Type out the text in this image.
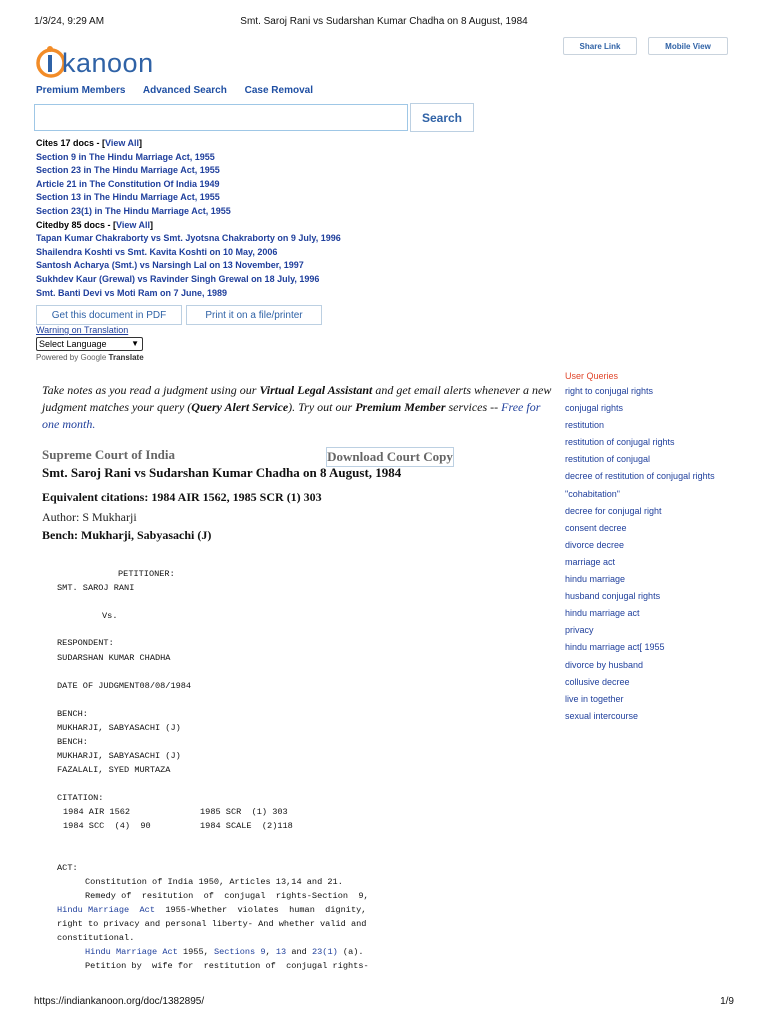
1/3/24, 9:29 AM	Smt. Saroj Rani vs Sudarshan Kumar Chadha on 8 August, 1984
https://indiankanoon.org/doc/1382895/	1/9
kanoon
Share Link	Mobile View
Premium Members Advanced Search Case Removal
Search
Cites 17 docs - [View All]
Section 9 in The Hindu Marriage Act, 1955
Section 23 in The Hindu Marriage Act, 1955
Article 21 in The Constitution Of India 1949
Section 13 in The Hindu Marriage Act, 1955
Section 23(1) in The Hindu Marriage Act, 1955
Citedby 85 docs - [View All]
Tapan Kumar Chakraborty vs Smt. Jyotsna Chakraborty on 9 July, 1996
Shailendra Koshti vs Smt. Kavita Koshti on 10 May, 2006
Santosh Acharya (Smt.) vs Narsingh Lal on 13 November, 1997
Sukhdev Kaur (Grewal) vs Ravinder Singh Grewal on 18 July, 1996
Smt. Banti Devi vs Moti Ram on 7 June, 1989
Get this document in PDF	Print it on a file/printer
Download Court Copy
Warning on Translation
Select Language	▼
Powered by Google Translate
Take notes as you read a judgment using our Virtual Legal Assistant and get email alerts whenever a new judgment matches your query (Query Alert Service). Try out our Premium Member services -- Free for one month.
Supreme Court of India
Smt. Saroj Rani vs Sudarshan Kumar Chadha on 8 August, 1984
Equivalent citations: 1984 AIR 1562, 1985 SCR (1) 303
Author: S Mukharji
Bench: Mukharji, Sabyasachi (J)
PETITIONER:
SMT. SAROJ RANI
Vs.
RESPONDENT:
SUDARSHAN KUMAR CHADHA
DATE OF JUDGMENT08/08/1984
BENCH:
MUKHARJI, SABYASACHI (J)
BENCH:
MUKHARJI, SABYASACHI (J)
FAZALALI, SYED MURTAZA
CITATION:
1984 AIR 1562	1985 SCR  (1) 303
1984 SCC  (4)  90	1984 SCALE  (2)118
ACT:
Constitution of India 1950, Articles 13,14 and 21.
Remedy of  resitution  of  conjugal  rights-Section  9,
Hindu Marriage  Act  1955-Whether  violates  human  dignity,
right to privacy and personal liberty- And whether valid and
constitutional.
Hindu Marriage Act 1955, Sections 9, 13 and 23(1) (a).
Petition by  wife for  restitution of  conjugal rights-
User Queries
right to conjugal rights
conjugal rights
restitution
restitution of conjugal rights
restitution of conjugal
decree of restitution of conjugal rights
"cohabitation"
decree for conjugal right
consent decree
divorce decree
marriage act
hindu marriage
husband conjugal rights
hindu marriage act
privacy
hindu marriage act[ 1955
divorce by husband
collusive decree
live in together
sexual intercourse
